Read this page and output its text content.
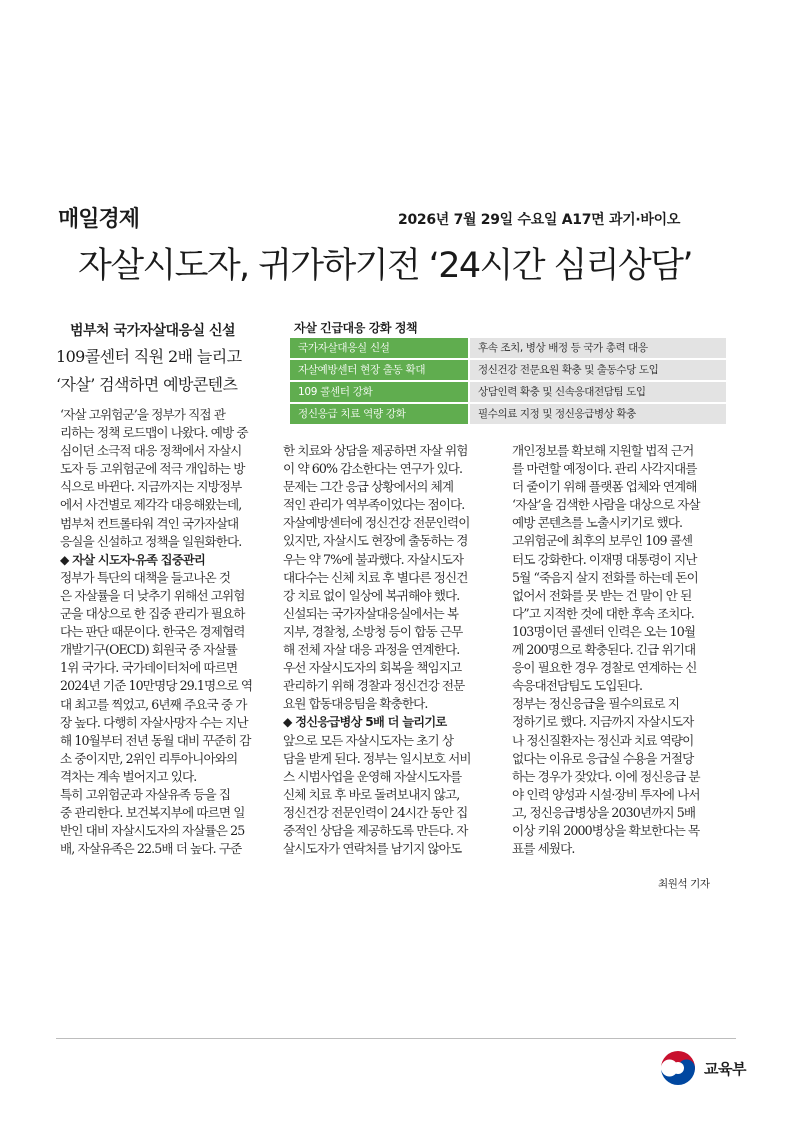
매일경제	2026년 7월 29일 수요일 A17면 과기·바이오
자살시도자, 귀가하기전 ‘24시간 심리상담’
범부처 국가자살대응실 신설
109콜센터 직원 2배 늘리고
‘자살’ 검색하면 예방콘텐츠
자살 긴급대응 강화 정책
국가자살대응실 신설	후속 조치, 병상 배정 등 국가 총력 대응
자살예방센터 현장 출동 확대	정신건강 전문요원 확충 및 출동수당 도입
109 콜센터 강화	상담인력 확충 및 신속응대전담팀 도입
정신응급 치료 역량 강화	필수의료 지정 및 정신응급병상 확충
‘자살 고위험군’을 정부가 직접 관
리하는 정책 로드맵이 나왔다. 예방 중
심이던 소극적 대응 정책에서 자살시
도자 등 고위험군에 적극 개입하는 방
식으로 바뀐다. 지금까지는 지방정부
에서 사건별로 제각각 대응해왔는데,
범부처 컨트롤타워 격인 국가자살대
응실을 신설하고 정책을 일원화한다.
◆ 자살 시도자·유족 집중관리
정부가 특단의 대책을 들고나온 것
은 자살률을 더 낮추기 위해선 고위험
군을 대상으로 한 집중 관리가 필요하
다는 판단 때문이다. 한국은 경제협력
개발기구(OECD) 회원국 중 자살률
1위 국가다. 국가데이터처에 따르면
2024년 기준 10만명당 29.1명으로 역
대 최고를 찍었고, 6년째 주요국 중 가
장 높다. 다행히 자살사망자 수는 지난
해 10월부터 전년 동월 대비 꾸준히 감
소 중이지만, 2위인 리투아니아와의
격차는 계속 벌어지고 있다.
특히 고위험군과 자살유족 등을 집
중 관리한다. 보건복지부에 따르면 일
반인 대비 자살시도자의 자살률은 25
배, 자살유족은 22.5배 더 높다. 구준
한 치료와 상담을 제공하면 자살 위험
이 약 60% 감소한다는 연구가 있다.
문제는 그간 응급 상황에서의 체계
적인 관리가 역부족이었다는 점이다.
자살예방센터에 정신건강 전문인력이
있지만, 자살시도 현장에 출동하는 경
우는 약 7%에 불과했다. 자살시도자
대다수는 신체 치료 후 별다른 정신건
강 치료 없이 일상에 복귀해야 했다.
신설되는 국가자살대응실에서는 복
지부, 경찰청, 소방청 등이 합동 근무
해 전체 자살 대응 과정을 연계한다.
우선 자살시도자의 회복을 책임지고
관리하기 위해 경찰과 정신건강 전문
요원 합동대응팀을 확충한다.
◆ 정신응급병상 5배 더 늘리기로
앞으로 모든 자살시도자는 초기 상
담을 받게 된다. 정부는 일시보호 서비
스 시범사업을 운영해 자살시도자를
신체 치료 후 바로 돌려보내지 않고,
정신건강 전문인력이 24시간 동안 집
중적인 상담을 제공하도록 만든다. 자
살시도자가 연락처를 남기지 않아도
개인정보를 확보해 지원할 법적 근거
를 마련할 예정이다. 관리 사각지대를
더 줄이기 위해 플랫폼 업체와 연계해
‘자살’을 검색한 사람을 대상으로 자살
예방 콘텐츠를 노출시키기로 했다.
고위험군에 최후의 보루인 109 콜센
터도 강화한다. 이재명 대통령이 지난
5월 “죽음지 살지 전화를 하는데 돈이
없어서 전화를 못 받는 건 말이 안 된
다”고 지적한 것에 대한 후속 조치다.
103명이던 콜센터 인력은 오는 10월
께 200명으로 확충된다. 긴급 위기대
응이 필요한 경우 경찰로 연계하는 신
속응대전담팀도 도입된다.
정부는 정신응급을 필수의료로 지
정하기로 했다. 지금까지 자살시도자
나 정신질환자는 정신과 치료 역량이
없다는 이유로 응급실 수용을 거절당
하는 경우가 잦았다. 이에 정신응급 분
야 인력 양성과 시설·장비 투자에 나서
고, 정신응급병상을 2030년까지 5배
이상 키워 2000병상을 확보한다는 목
표를 세웠다.
최원석 기자
교육부
